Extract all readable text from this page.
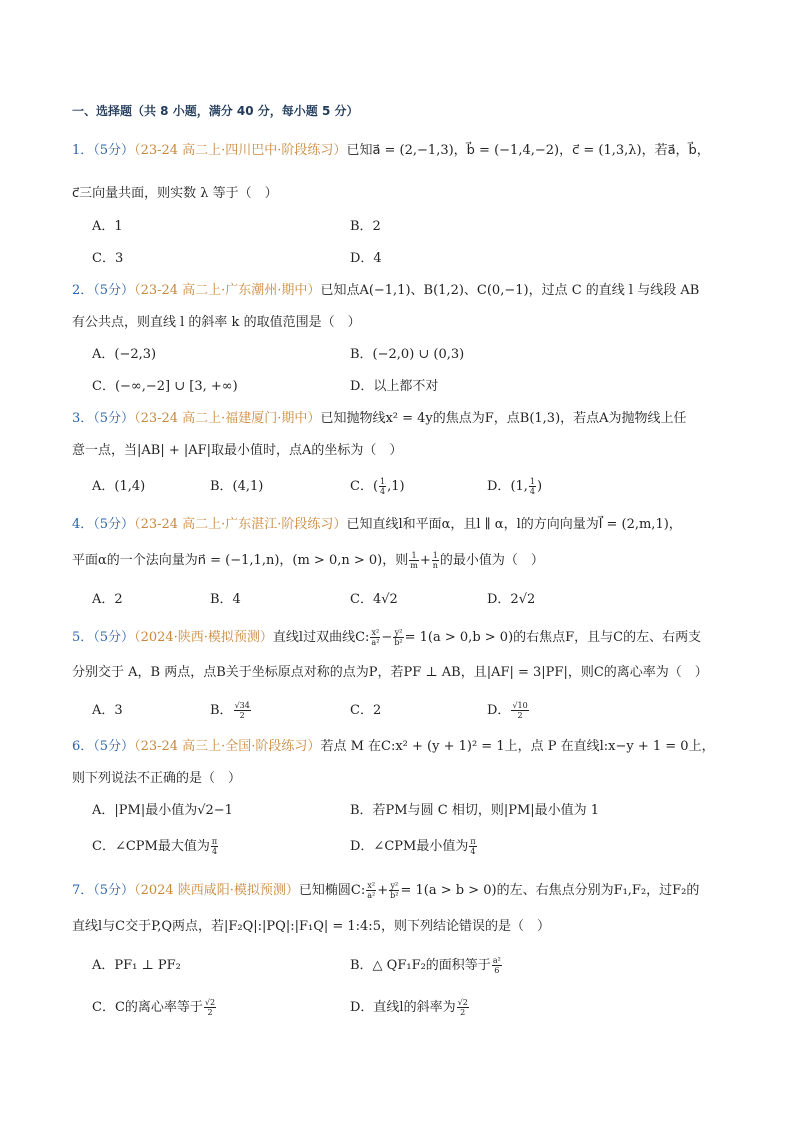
一、选择题（共 8 小题，满分 40 分，每小题 5 分）
1．（5分）（23-24 高二上·四川巴中·阶段练习）已知a⃗ = (2,−1,3)，b⃗ = (−1,4,−2)，c⃗ = (1,3,λ)，若a⃗，b⃗，
c⃗三向量共面，则实数 λ 等于（　）
A．1	B．2
C．3	D．4
2．（5分）（23-24 高二上·广东潮州·期中）已知点A(−1,1)、B(1,2)、C(0,−1)，过点 C 的直线 l 与线段 AB
有公共点，则直线 l 的斜率 k 的取值范围是（　）
A．(−2,3)	B．(−2,0) ∪ (0,3)
C．(−∞,−2] ∪ [3, +∞)	D．以上都不对
3．（5分）（23-24 高二上·福建厦门·期中）已知抛物线x² = 4y的焦点为F，点B(1,3)，若点A为抛物线上任
意一点，当|AB| + |AF|取最小值时，点A的坐标为（　）
A．(1,4)	B．(4,1)	C．( $\frac{1}{4} ,1$)	D．(1, $\frac{1}{4}$ )
4．（5分）（23-24 高二上·广东湛江·阶段练习）已知直线l和平面α，且l ∥ α，l的方向向量为l⃗ = (2,m,1)，
平面α的一个法向量为n⃗ = (−1,1,n)，(m > 0,n > 0)，则 $\frac{1}{m} + \frac{1}{n}$ 的最小值为（　）
A．2	B．4	C．4√2	D．2√2
5．（5分）（2024·陕西·模拟预测）直线l过双曲线C: $\frac{\text{x²}}{\text{a²}} - \frac{\text{y²}}{\text{b²}} = 1(a > 0,b > 0)$的右焦点F，且与C的左、右两支
分别交于 A，B 两点，点B关于坐标原点对称的点为P，若PF ⊥ AB，且|AF| = 3|PF|，则C的离心率为（　）
A．3	B． $\frac{√34}{2}$	C．2	D． $\frac{√10}{2}$
6．（5分）（23-24 高三上·全国·阶段练习）若点 M 在C:x² + (y + 1)² = 1上，点 P 在直线l:x−y + 1 = 0上，
则下列说法不正确的是（　）
A．|PM|最小值为√2−1	B．若PM与圆 C 相切，则|PM|最小值为 1
C．∠CPM最大值为 $\frac{\pi}{4}$	D．∠CPM最小值为 $\frac{\pi}{4}$
7．（5分）（2024 陕西咸阳·模拟预测）已知椭圆C: $\frac{\text{x²}}{\text{a²}} + \frac{\text{y²}}{\text{b²}} = 1(a > b > 0)$的左、右焦点分别为F₁,F₂，过F₂的
直线l与C交于P,Q两点，若|F₂Q|:|PQ|:|F₁Q| = 1:4:5，则下列结论错误的是（　）
A．PF₁ ⊥ PF₂	B．△ QF₁F₂的面积等于 $\frac{\text{a²}}{6}$
C．C的离心率等于 $\frac{√2}{2}$	D．直线l的斜率为 $\frac{√2}{2}$
